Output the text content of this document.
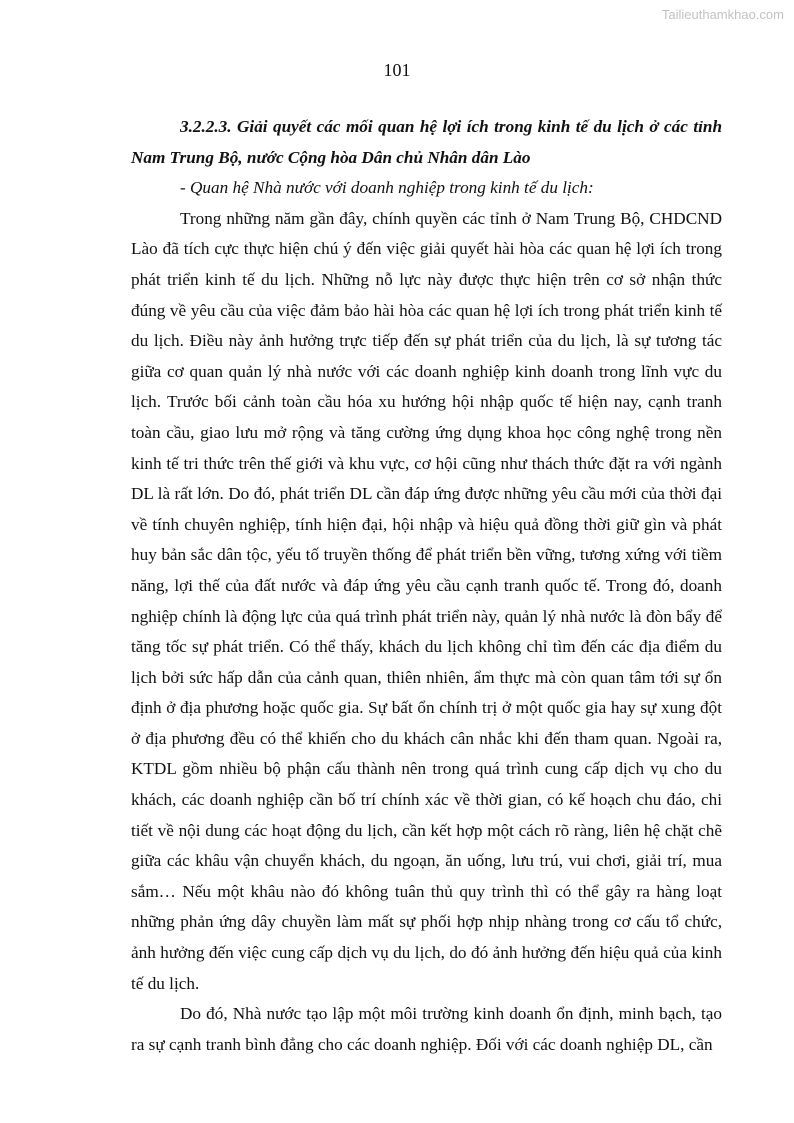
Tailieuthamkhao.com
101

3.2.2.3. Giải quyết các mối quan hệ lợi ích trong kinh tế du lịch ở các tỉnh Nam Trung Bộ, nước Cộng hòa Dân chủ Nhân dân Lào

- Quan hệ Nhà nước với doanh nghiệp trong kinh tế du lịch:

Trong những năm gần đây, chính quyền các tỉnh ở Nam Trung Bộ, CHDCND Lào đã tích cực thực hiện chú ý đến việc giải quyết hài hòa các quan hệ lợi ích trong phát triển kinh tế du lịch. Những nỗ lực này được thực hiện trên cơ sở nhận thức đúng về yêu cầu của việc đảm bảo hài hòa các quan hệ lợi ích trong phát triển kinh tế du lịch. Điều này ảnh hưởng trực tiếp đến sự phát triển của du lịch, là sự tương tác giữa cơ quan quản lý nhà nước với các doanh nghiệp kinh doanh trong lĩnh vực du lịch. Trước bối cảnh toàn cầu hóa xu hướng hội nhập quốc tế hiện nay, cạnh tranh toàn cầu, giao lưu mở rộng và tăng cường ứng dụng khoa học công nghệ trong nền kinh tế tri thức trên thế giới và khu vực, cơ hội cũng như thách thức đặt ra với ngành DL là rất lớn. Do đó, phát triển DL cần đáp ứng được những yêu cầu mới của thời đại về tính chuyên nghiệp, tính hiện đại, hội nhập và hiệu quả đồng thời giữ gìn và phát huy bản sắc dân tộc, yếu tố truyền thống để phát triển bền vững, tương xứng với tiềm năng, lợi thế của đất nước và đáp ứng yêu cầu cạnh tranh quốc tế. Trong đó, doanh nghiệp chính là động lực của quá trình phát triển này, quản lý nhà nước là đòn bẩy để tăng tốc sự phát triển. Có thể thấy, khách du lịch không chỉ tìm đến các địa điểm du lịch bởi sức hấp dẫn của cảnh quan, thiên nhiên, ẩm thực mà còn quan tâm tới sự ổn định ở địa phương hoặc quốc gia. Sự bất ổn chính trị ở một quốc gia hay sự xung đột ở địa phương đều có thể khiến cho du khách cân nhắc khi đến tham quan. Ngoài ra, KTDL gồm nhiều bộ phận cấu thành nên trong quá trình cung cấp dịch vụ cho du khách, các doanh nghiệp cần bố trí chính xác về thời gian, có kế hoạch chu đáo, chi tiết về nội dung các hoạt động du lịch, cần kết hợp một cách rõ ràng, liên hệ chặt chẽ giữa các khâu vận chuyển khách, du ngoạn, ăn uống, lưu trú, vui chơi, giải trí, mua sắm… Nếu một khâu nào đó không tuân thủ quy trình thì có thể gây ra hàng loạt những phản ứng dây chuyền làm mất sự phối hợp nhịp nhàng trong cơ cấu tổ chức, ảnh hưởng đến việc cung cấp dịch vụ du lịch, do đó ảnh hưởng đến hiệu quả của kinh tế du lịch.

Do đó, Nhà nước tạo lập một môi trường kinh doanh ổn định, minh bạch, tạo ra sự cạnh tranh bình đẳng cho các doanh nghiệp. Đối với các doanh nghiệp DL, cần
